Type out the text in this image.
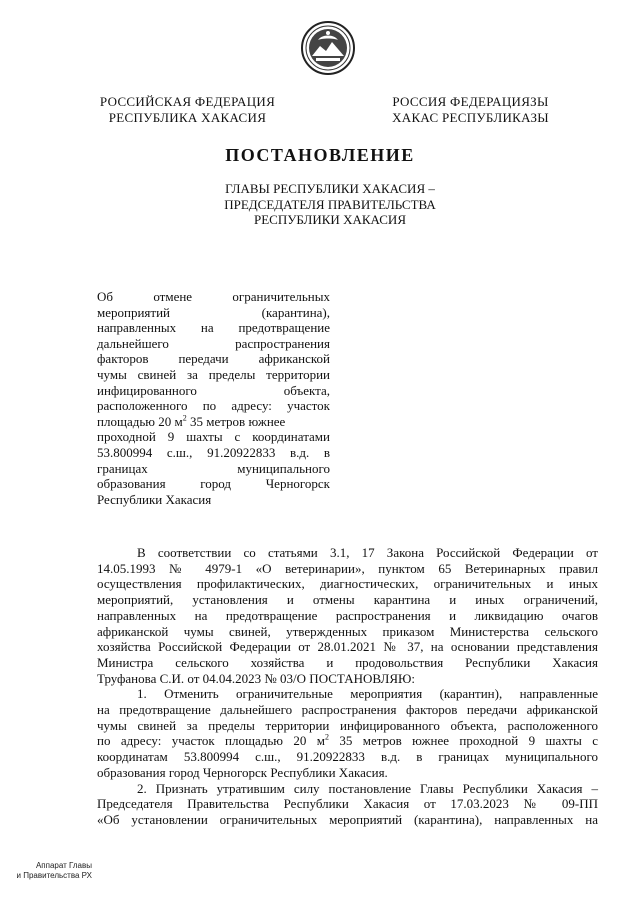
РОССИЙСКАЯ ФЕДЕРАЦИЯ
РЕСПУБЛИКА ХАКАСИЯ
РОССИЯ ФЕДЕРАЦИЯЗЫ
ХАКАС РЕСПУБЛИКАЗЫ
ПОСТАНОВЛЕНИЕ
ГЛАВЫ РЕСПУБЛИКИ ХАКАСИЯ –
ПРЕДСЕДАТЕЛЯ ПРАВИТЕЛЬСТВА
РЕСПУБЛИКИ ХАКАСИЯ
Об отмене ограничительных
мероприятий (карантина),
направленных на предотвращение
дальнейшего распространения
факторов передачи африканской
чумы свиней за пределы территории
инфицированного объекта,
расположенного по адресу: участок
площадью 20 $м^2$ 35 метров южнее
проходной 9 шахты с координатами
53.800994 с.ш., 91.20922833 в.д. в
границах муниципального
образования город Черногорск
Республики Хакасия
В соответствии со статьями 3.1, 17 Закона Российской Федерации от
14.05.1993 № 4979-1 «О ветеринарии», пунктом 65 Ветеринарных правил
осуществления профилактических, диагностических, ограничительных и иных
мероприятий, установления и отмены карантина и иных ограничений,
направленных на предотвращение распространения и ликвидацию очагов
африканской чумы свиней, утвержденных приказом Министерства сельского
хозяйства Российской Федерации от 28.01.2021 № 37, на основании представления
Министра сельского хозяйства и продовольствия Республики Хакасия
Труфанова С.И. от 04.04.2023 № 03/О ПОСТАНОВЛЯЮ:
1. Отменить ограничительные мероприятия (карантин), направленные
на предотвращение дальнейшего распространения факторов передачи африканской
чумы свиней за пределы территории инфицированного объекта, расположенного
по адресу: участок площадью 20 $м^2$ 35 метров южнее проходной 9 шахты с
координатам 53.800994 с.ш., 91.20922833 в.д. в границах муниципального
образования город Черногорск Республики Хакасия.
2. Признать утратившим силу постановление Главы Республики Хакасия –
Председателя Правительства Республики Хакасия от 17.03.2023 № 09-ПП
«Об установлении ограничительных мероприятий (карантина), направленных на
Аппарат Главы
и Правительства РХ
